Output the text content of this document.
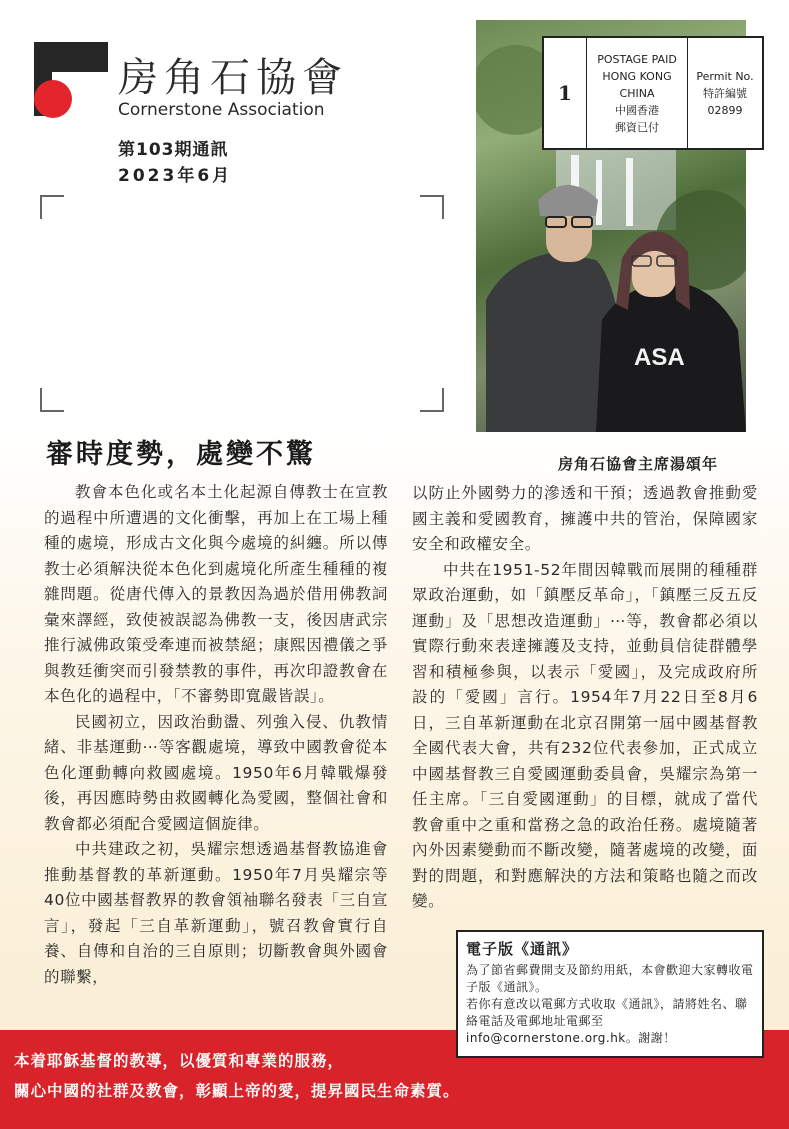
房角石協會
Cornerstone Association
第103期通訊
2023年6月
ASA
1
POSTAGE PAID
HONG KONG
CHINA
中國香港
郵資已付
Permit No.
特許編號
02899
房角石協會主席湯頌年
審時度勢，處變不驚

教會本色化或名本土化起源自傳教士在宣教的過程中所遭遇的文化衝擊，再加上在工場上種種的處境，形成古文化與今處境的糾纏。所以傳教士必須解決從本色化到處境化所產生種種的複雜問題。從唐代傳入的景教因為過於借用佛教詞彙來譯經，致使被誤認為佛教一支，後因唐武宗推行滅佛政策受牽連而被禁絕；康熙因禮儀之爭與教廷衝突而引發禁教的事件，再次印證教會在本色化的過程中，「不審勢即寬嚴皆誤」。

民國初立，因政治動盪、列強入侵、仇教情緒、非基運動⋯等客觀處境，導致中國教會從本色化運動轉向救國處境。1950年6月韓戰爆發後，再因應時勢由救國轉化為愛國，整個社會和教會都必須配合愛國這個旋律。

中共建政之初，吳耀宗想透過基督教協進會推動基督教的革新運動。1950年7月吳耀宗等40位中國基督教界的教會領袖聯名發表「三自宣言」，發起「三自革新運動」，號召教會實行自養、自傳和自治的三自原則；切斷教會與外國會的聯繫，

以防止外國勢力的滲透和干預；透過教會推動愛國主義和愛國教育，擁護中共的管治，保障國家安全和政權安全。

中共在1951-52年間因韓戰而展開的種種群眾政治運動，如「鎮壓反革命」，「鎮壓三反五反運動」及「思想改造運動」⋯等，教會都必須以實際行動來表達擁護及支持，並動員信徒群體學習和積極參與，以表示「愛國」，及完成政府所設的「愛國」言行。1954年7月22日至8月6日，三自革新運動在北京召開第一屆中國基督教全國代表大會，共有232位代表參加，正式成立中國基督教三自愛國運動委員會，吳耀宗為第一任主席。「三自愛國運動」的目標，就成了當代教會重中之重和當務之急的政治任務。處境隨著內外因素變動而不斷改變，隨著處境的改變，面對的問題，和對應解決的方法和策略也隨之而改變。

電子版《通訊》
為了節省郵費開支及節約用紙，本會歡迎大家轉收電子版《通訊》。
若你有意改以電郵方式收取《通訊》，請將姓名、聯絡電話及電郵地址電郵至info@cornerstone.org.hk。謝謝！
本着耶穌基督的教導，以優質和專業的服務，
關心中國的社群及教會，彰顯上帝的愛，提昇國民生命素質。
